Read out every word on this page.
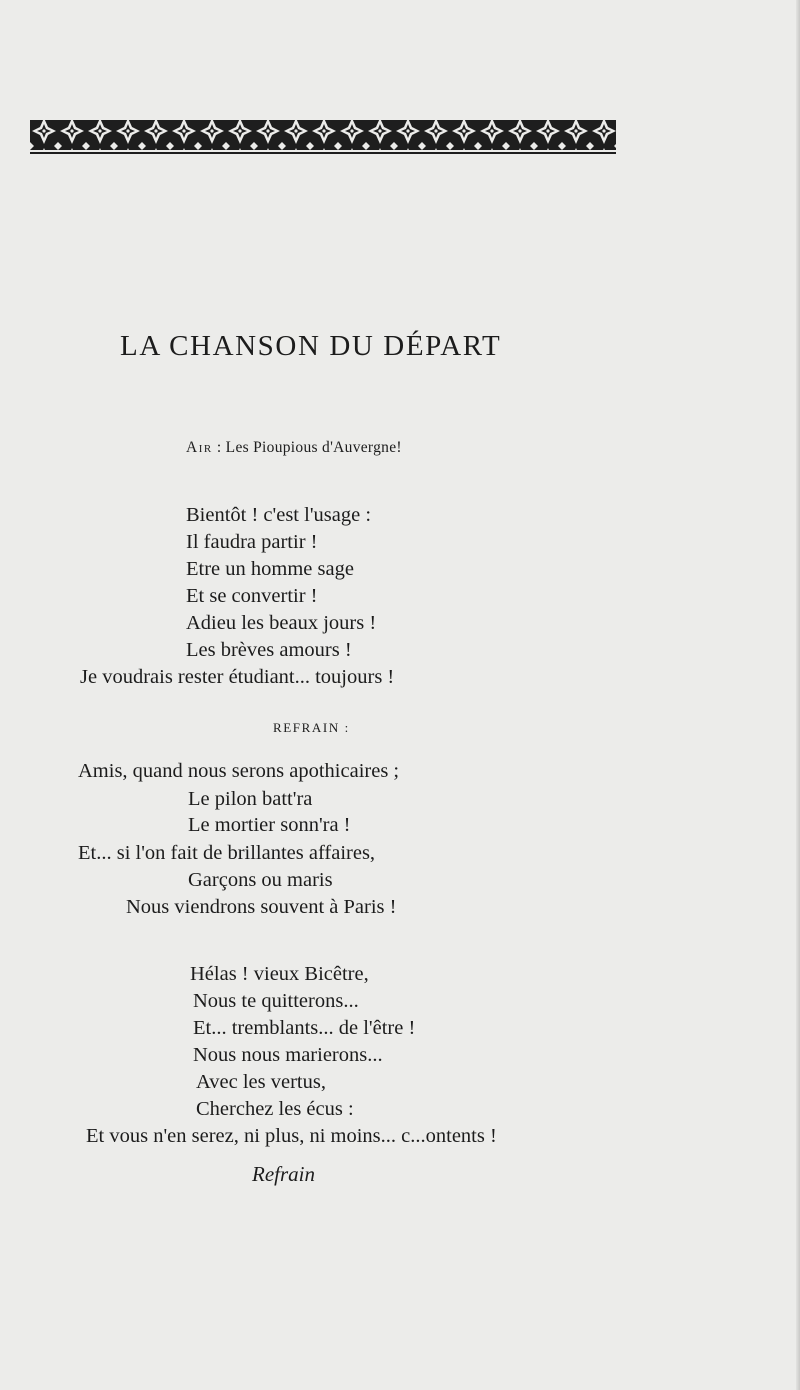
LA CHANSON DU DÉPART
Air : Les Pioupious d'Auvergne!
Bientôt ! c'est l'usage :
Il faudra partir !
Etre un homme sage
Et se convertir !
Adieu les beaux jours !
Les brèves amours !
Je voudrais rester étudiant... toujours !
REFRAIN :
Amis, quand nous serons apothicaires ;
Le pilon batt'ra
Le mortier sonn'ra !
Et... si l'on fait de brillantes affaires,
Garçons ou maris
Nous viendrons souvent à Paris !
Hélas ! vieux Bicêtre,
Nous te quitterons...
Et... tremblants... de l'être !
Nous nous marierons...
Avec les vertus,
Cherchez les écus :
Et vous n'en serez, ni plus, ni moins... c...ontents !
Refrain
